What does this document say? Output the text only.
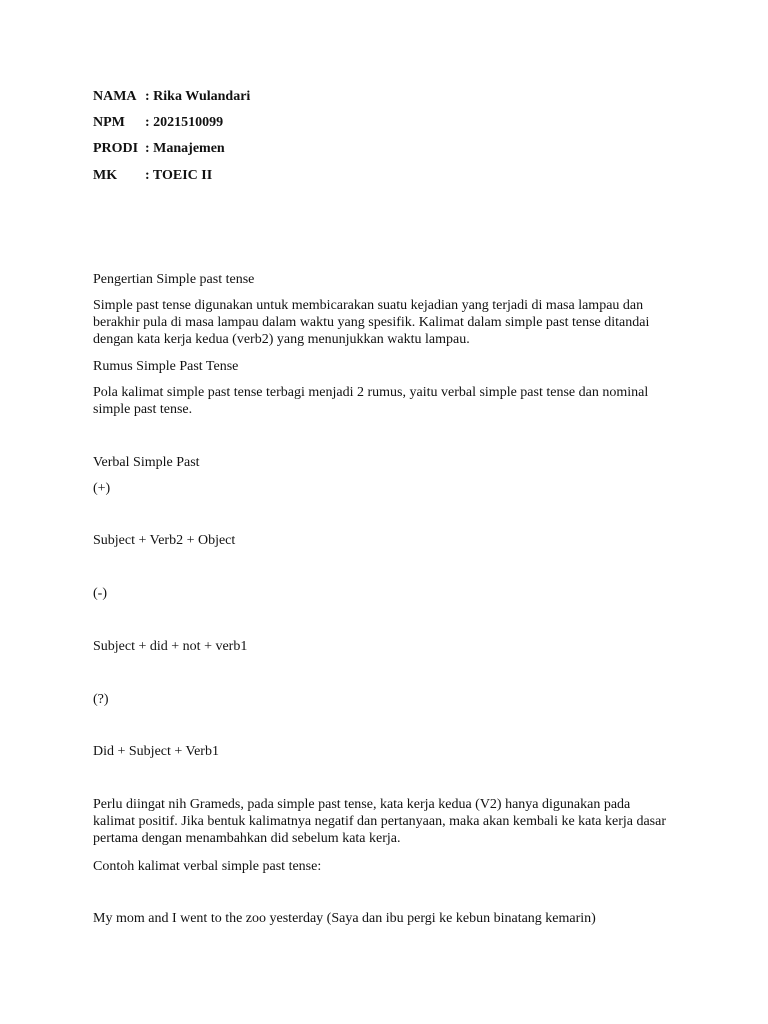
NAMA : Rika Wulandari
NPM : 2021510099
PRODI : Manajemen
MK : TOEIC II
Pengertian Simple past tense
Simple past tense digunakan untuk membicarakan suatu kejadian yang terjadi di masa lampau dan
berakhir pula di masa lampau dalam waktu yang spesifik. Kalimat dalam simple past tense ditandai
dengan kata kerja kedua (verb2) yang menunjukkan waktu lampau.
Rumus Simple Past Tense
Pola kalimat simple past tense terbagi menjadi 2 rumus, yaitu verbal simple past tense dan nominal
simple past tense.
Verbal Simple Past
(+)
Subject + Verb2 + Object
(-)
Subject + did + not + verb1
(?)
Did + Subject + Verb1
Perlu diingat nih Grameds, pada simple past tense, kata kerja kedua (V2) hanya digunakan pada
kalimat positif. Jika bentuk kalimatnya negatif dan pertanyaan, maka akan kembali ke kata kerja dasar
pertama dengan menambahkan did sebelum kata kerja.
Contoh kalimat verbal simple past tense:
My mom and I went to the zoo yesterday (Saya dan ibu pergi ke kebun binatang kemarin)
